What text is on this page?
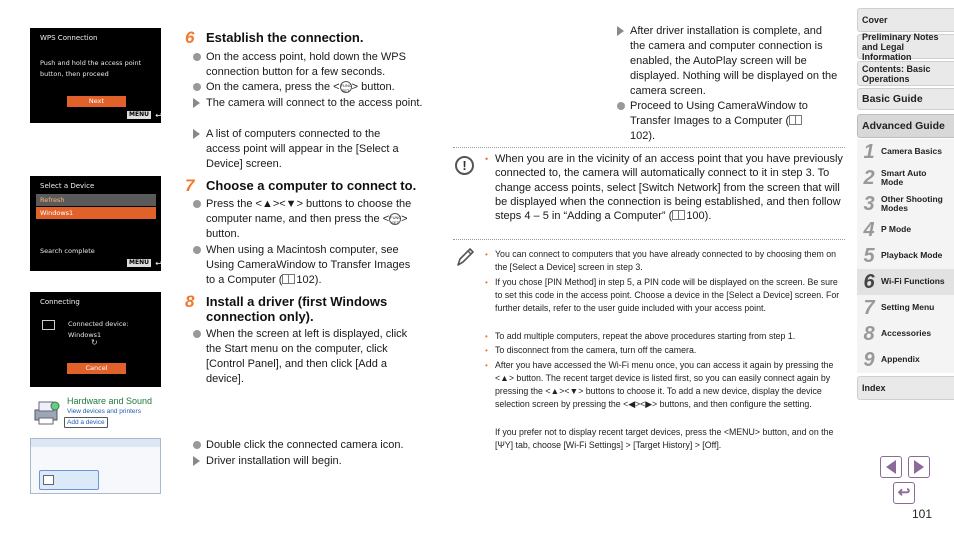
WPS Connection
Push and hold the access point
button, then proceed
Next
MENU ↩
Select a Device
Refresh
Windows1
Search complete
MENU ↩
Connecting
Connected device:
Windows1
↻
Cancel
Hardware and Sound
View devices and printers
Add a device

6 Establish the connection.
On the access point, hold down the WPS connection button for a few seconds.
On the camera, press the <FUNC
SET > button.
The camera will connect to the access point.
A list of computers connected to the access point will appear in the [Select a Device] screen.
7 Choose a computer to connect to.
Press the <▲><▼> buttons to choose the computer name, and then press the <FUNC
SET > button.
When using a Macintosh computer, see Using CameraWindow to Transfer Images to a Computer ( 102).
8 Install a driver (first Windows connection only).
When the screen at left is displayed, click the Start menu on the computer, click [Control Panel], and then click [Add a device].
Double click the connected camera icon.
Driver installation will begin.
After driver installation is complete, and the camera and computer connection is enabled, the AutoPlay screen will be displayed. Nothing will be displayed on the camera screen.
Proceed to Using CameraWindow to Transfer Images to a Computer (102).
!	• When you are in the vicinity of an access point that you have previously connected to, the camera will automatically connect to it in step 3. To change access points, select [Switch Network] from the screen that will be displayed when the connection is being established, and then follow steps 4 – 5 in “Adding a Computer” ( 100).
• You can connect to computers that you have already connected to by choosing them on the [Select a Device] screen in step 3.
• If you chose [PIN Method] in step 5, a PIN code will be displayed on the screen. Be sure to set this code in the access point. Choose a device in the [Select a Device] screen. For further details, refer to the user guide included with your access point.
• To add multiple computers, repeat the above procedures starting from step 1.
• To disconnect from the camera, turn off the camera.
• After you have accessed the Wi-Fi menu once, you can access it again by pressing the <▲> button. The recent target device is listed first, so you can easily connect again by pressing the <▲><▼> buttons to choose it. To add a new device, display the device selection screen by pressing the <◀><▶> buttons, and then configure the setting.
If you prefer not to display recent target devices, press the <MENU> button, and on the [ΨΥ] tab, choose [Wi-Fi Settings] > [Target History] > [Off].
Cover
Preliminary Notes and Legal Information
Contents: Basic Operations
Basic Guide
Advanced Guide
1 Camera Basics
2 Smart Auto Mode
3 Other Shooting Modes
4 P Mode
5 Playback Mode
6 Wi-Fi Functions
7 Setting Menu
8 Accessories
9 Appendix
Index
↩
101
